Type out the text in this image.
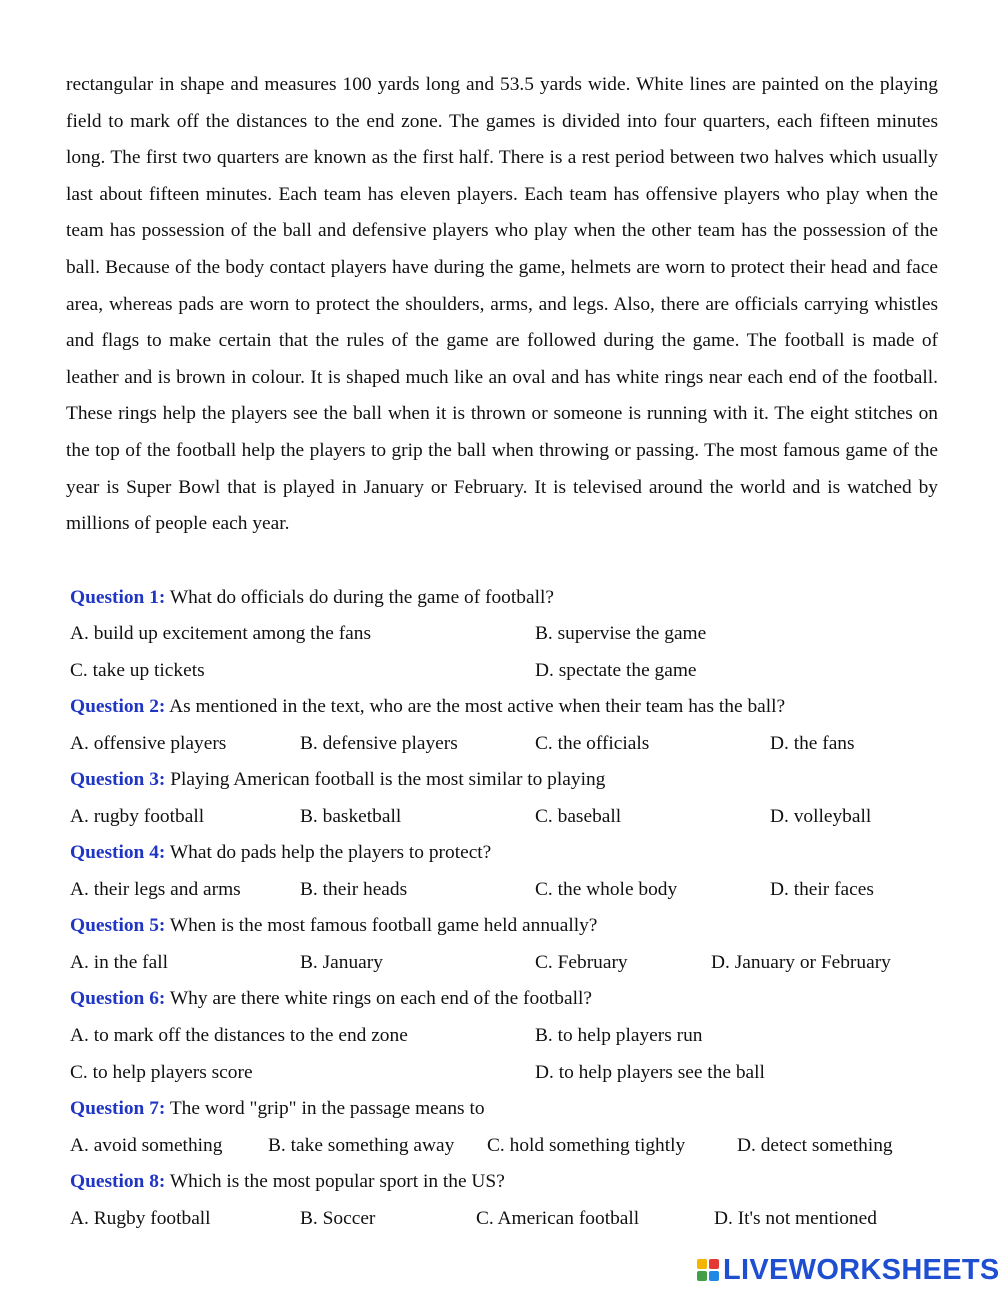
rectangular in shape and measures 100 yards long and 53.5 yards wide. White lines are painted on the playing field to mark off the distances to the end zone. The games is divided into four quarters, each fifteen minutes long. The first two quarters are known as the first half. There is a rest period between two halves which usually last about fifteen minutes. Each team has eleven players. Each team has offensive players who play when the team has possession of the ball and defensive players who play when the other team has the possession of the ball. Because of the body contact players have during the game, helmets are worn to protect their head and face area, whereas pads are worn to protect the shoulders, arms, and legs. Also, there are officials carrying whistles and flags to make certain that the rules of the game are followed during the game. The football is made of leather and is brown in colour. It is shaped much like an oval and has white rings near each end of the football. These rings help the players see the ball when it is thrown or someone is running with it. The eight stitches on the top of the football help the players to grip the ball when throwing or passing. The most famous game of the year is Super Bowl that is played in January or February. It is televised around the world and is watched by millions of people each year.
Question 1: What do officials do during the game of football?
A. build up excitement among the fans	B. supervise the game
C. take up tickets	D. spectate the game
Question 2: As mentioned in the text, who are the most active when their team has the ball?
A. offensive players	B. defensive players	C. the officials	D. the fans
Question 3: Playing American football is the most similar to playing
A. rugby football	B. basketball	C. baseball	D. volleyball
Question 4: What do pads help the players to protect?
A. their legs and arms	B. their heads	C. the whole body	D. their faces
Question 5: When is the most famous football game held annually?
A. in the fall	B. January	C. February	D. January or February
Question 6: Why are there white rings on each end of the football?
A. to mark off the distances to the end zone	B. to help players run
C. to help players score	D. to help players see the ball
Question 7: The word "grip" in the passage means to
A. avoid something B. take something away C. hold something tightly	D. detect something
Question 8: Which is the most popular sport in the US?
A. Rugby football	B. Soccer	C. American football	D. It's not mentioned
LIVEWORKSHEETS
